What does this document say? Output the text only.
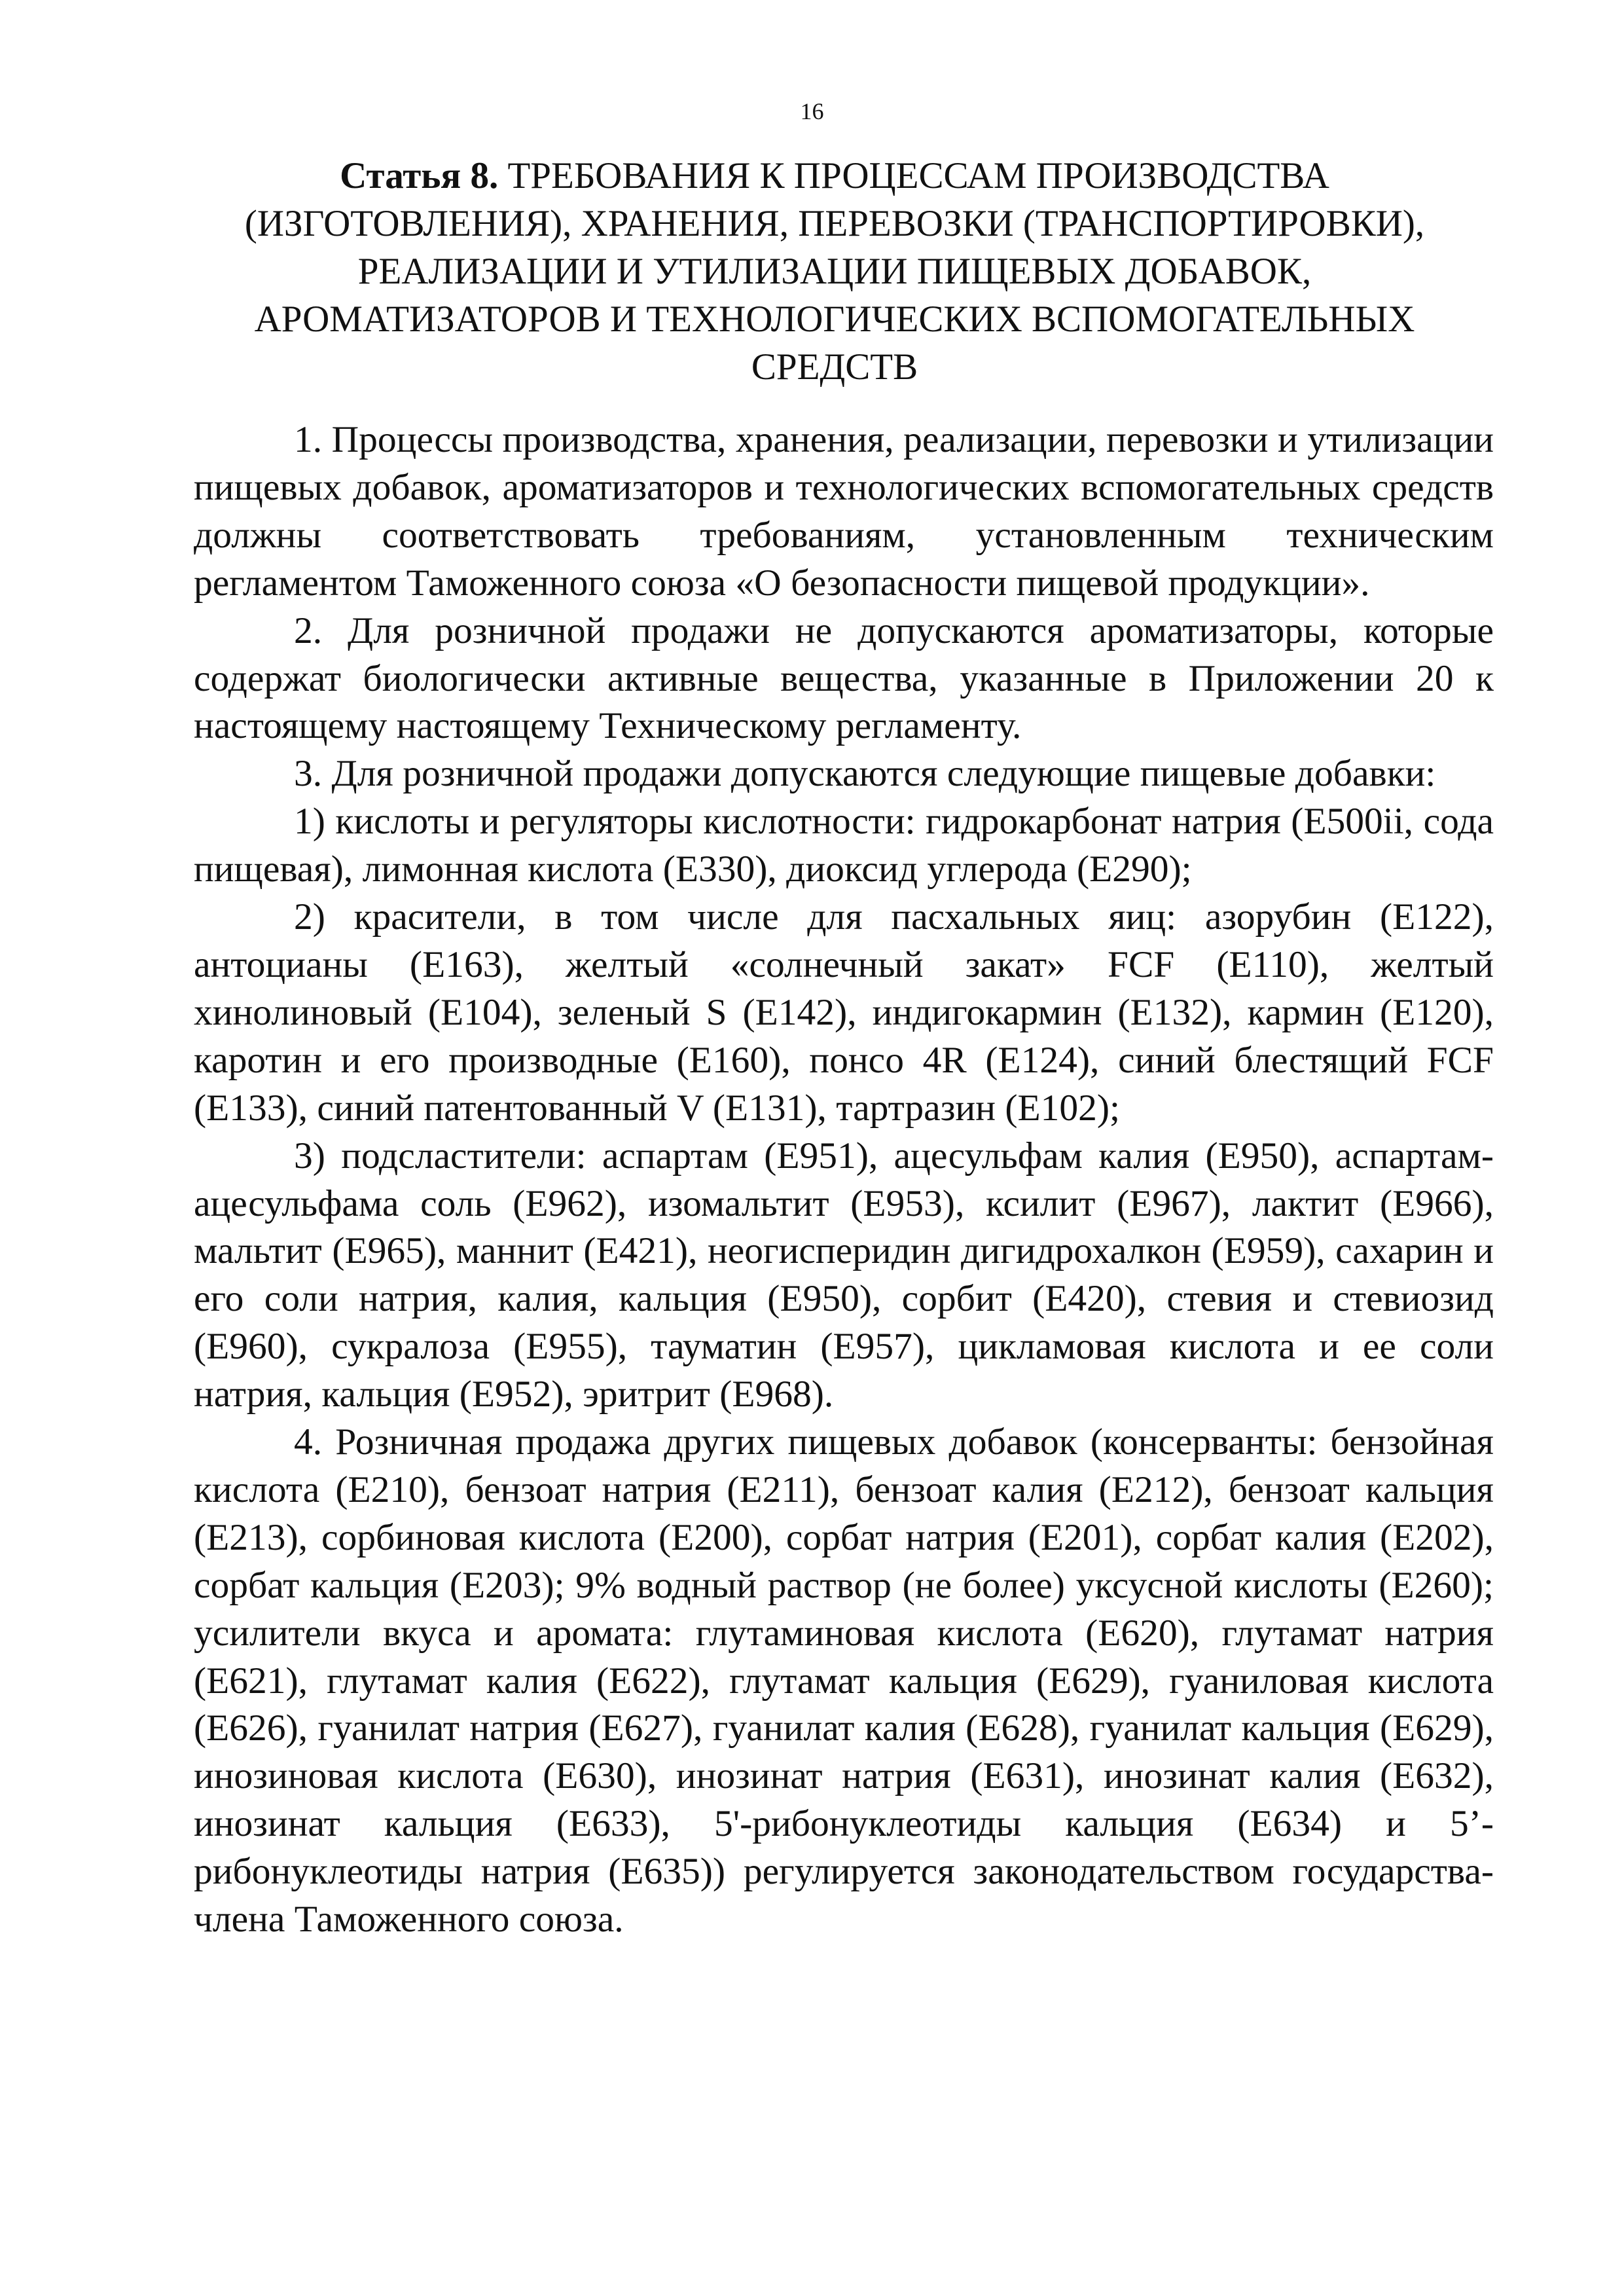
16
Статья 8. ТРЕБОВАНИЯ К ПРОЦЕССАМ ПРОИЗВОДСТВА (ИЗГОТОВЛЕНИЯ), ХРАНЕНИЯ, ПЕРЕВОЗКИ (ТРАНСПОРТИРОВКИ), РЕАЛИЗАЦИИ И УТИЛИЗАЦИИ ПИЩЕВЫХ ДОБАВОК, АРОМАТИЗАТОРОВ И ТЕХНОЛОГИЧЕСКИХ ВСПОМОГАТЕЛЬНЫХ СРЕДСТВ

1. Процессы производства, хранения, реализации, перевозки и утилизации пищевых добавок, ароматизаторов и технологических вспомогательных средств должны соответствовать требованиям, установленным техническим регламентом Таможенного союза «О безопасности пищевой продукции».

2. Для розничной продажи не допускаются ароматизаторы, которые содержат биологически активные вещества, указанные в Приложении 20 к настоящему настоящему Техническому регламенту.

3. Для розничной продажи допускаются следующие пищевые добавки:

1) кислоты и регуляторы кислотности: гидрокарбонат натрия (E500ii, сода пищевая), лимонная кислота (E330), диоксид углерода (E290);

2) красители, в том числе для пасхальных яиц: азорубин (E122), антоцианы (E163), желтый «солнечный закат» FCF (E110), желтый хинолиновый (E104), зеленый S (E142), индигокармин (E132), кармин (E120), каротин и его производные (E160), понсо 4R (E124), синий блестящий FCF (E133), синий патентованный V (E131), тартразин (E102);

3) подсластители: аспартам (E951), ацесульфам калия (E950), аспартам-ацесульфама соль (E962), изомальтит (E953), ксилит (E967), лактит (E966), мальтит (E965), маннит (E421), неогисперидин дигидрохалкон (E959), сахарин и его соли натрия, калия, кальция (E950), сорбит (E420), стевия и стевиозид (E960), сукралоза (E955), тауматин (E957), цикламовая кислота и ее соли натрия, кальция (E952), эритрит (E968).

4. Розничная продажа других пищевых добавок (консерванты: бензойная кислота (E210), бензоат натрия (E211), бензоат калия (E212), бензоат кальция (E213), сорбиновая кислота (E200), сорбат натрия (E201), сорбат калия (E202), сорбат кальция (E203); 9% водный раствор (не более) уксусной кислоты (E260); усилители вкуса и аромата: глутаминовая кислота (E620), глутамат натрия (E621), глутамат калия (E622), глутамат кальция (E629), гуаниловая кислота (E626), гуанилат натрия (E627), гуанилат калия (E628), гуанилат кальция (E629), инозиновая кислота (E630), инозинат натрия (E631), инозинат калия (E632), инозинат кальция (E633), 5'-рибонуклеотиды кальция (E634) и 5’-рибонуклеотиды натрия (E635)) регулируется законодательством государства-члена Таможенного союза.
